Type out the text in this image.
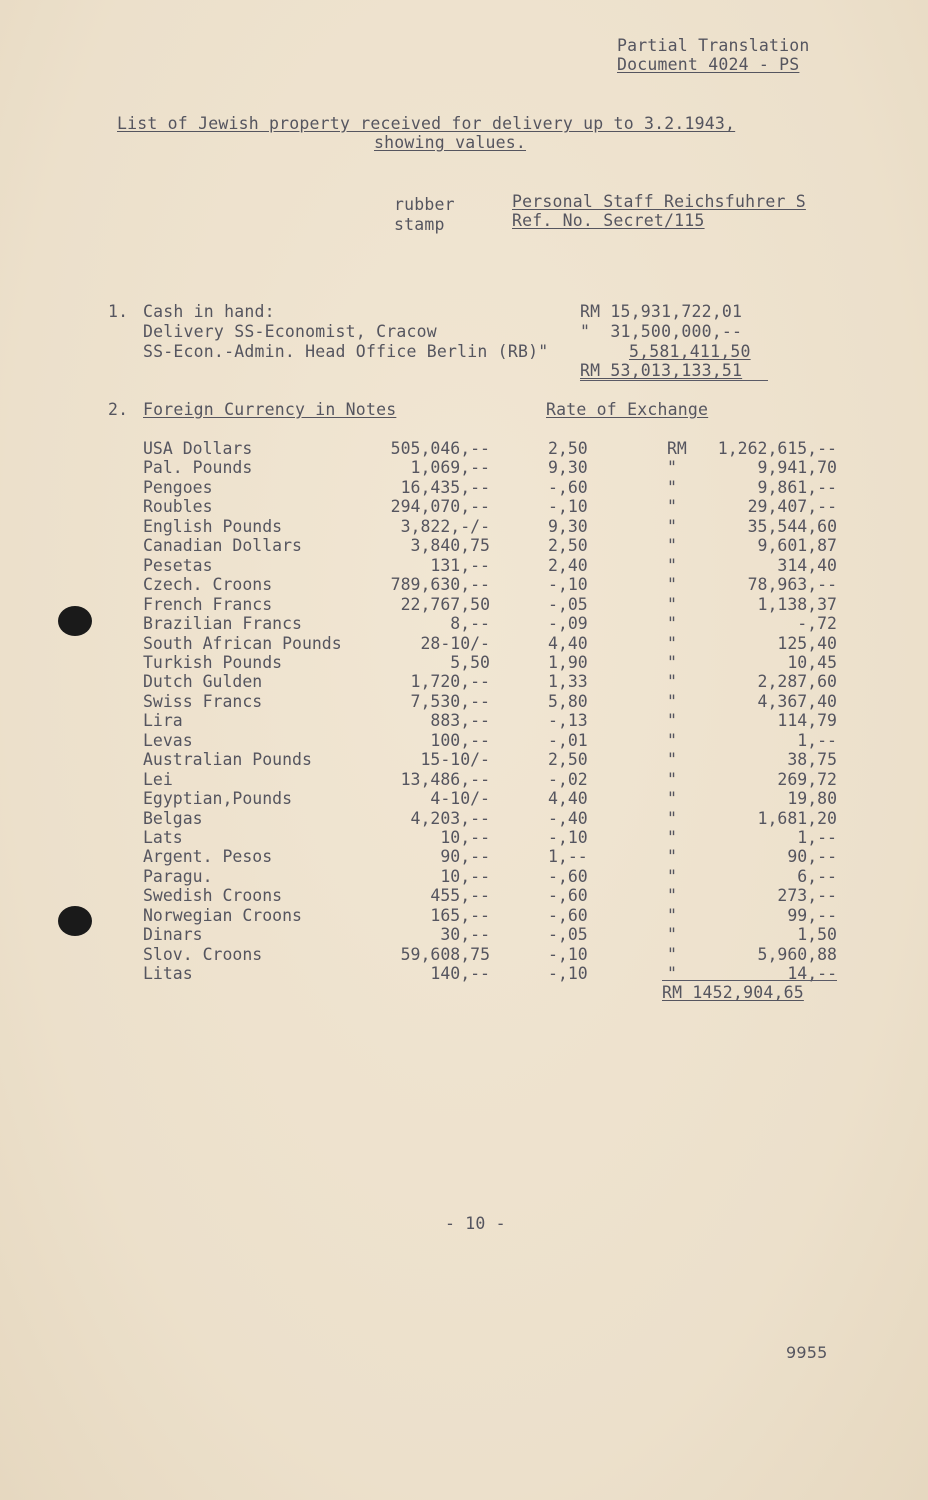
Partial Translation
Document 4024 - PS
List of Jewish property received for delivery up to 3.2.1943,
showing values.
rubber
stamp
Personal Staff Reichsfuhrer S
Ref. No. Secret/115
1. Cash in hand:	RM 15,931,722,01
Delivery SS-Economist, Cracow	"  31,500,000,--
SS-Econ.-Admin. Head Office Berlin (RB)"	5,581,411,50
RM 53,013,133,51
2. Foreign Currency in Notes	Rate of Exchange
USA Dollars	505,046,--	2,50	RM 1,262,615,--
Pal. Pounds	1,069,--	9,30	"	9,941,70
Pengoes	16,435,--	-,60	"	9,861,--
Roubles	294,070,--	-,10	"	29,407,--
English Pounds	3,822,-/-	9,30	"	35,544,60
Canadian Dollars	3,840,75	2,50	"	9,601,87
Pesetas	131,--	2,40	"	314,40
Czech. Croons	789,630,--	-,10	"	78,963,--
French Francs	22,767,50	-,05	"	1,138,37
Brazilian Francs	8,--	-,09	"	-,72
South African Pounds	28-10/-	4,40	"	125,40
Turkish Pounds	5,50	1,90	"	10,45
Dutch Gulden	1,720,--	1,33	"	2,287,60
Swiss Francs	7,530,--	5,80	"	4,367,40
Lira	883,--	-,13	"	114,79
Levas	100,--	-,01	"	1,--
Australian Pounds	15-10/-	2,50	"	38,75
Lei	13,486,--	-,02	"	269,72
Egyptian,Pounds	4-10/-	4,40	"	19,80
Belgas	4,203,--	-,40	"	1,681,20
Lats	10,--	-,10	"	1,--
Argent. Pesos	90,--	1,--	"	90,--
Paragu.	10,--	-,60	"	6,--
Swedish Croons	455,--	-,60	"	273,--
Norwegian Croons	165,--	-,60	"	99,--
Dinars	30,--	-,05	"	1,50
Slov. Croons	59,608,75	-,10	"	5,960,88
Litas	140,--	-,10	"	14,--
RM 1452,904,65
- 10 -
9955
